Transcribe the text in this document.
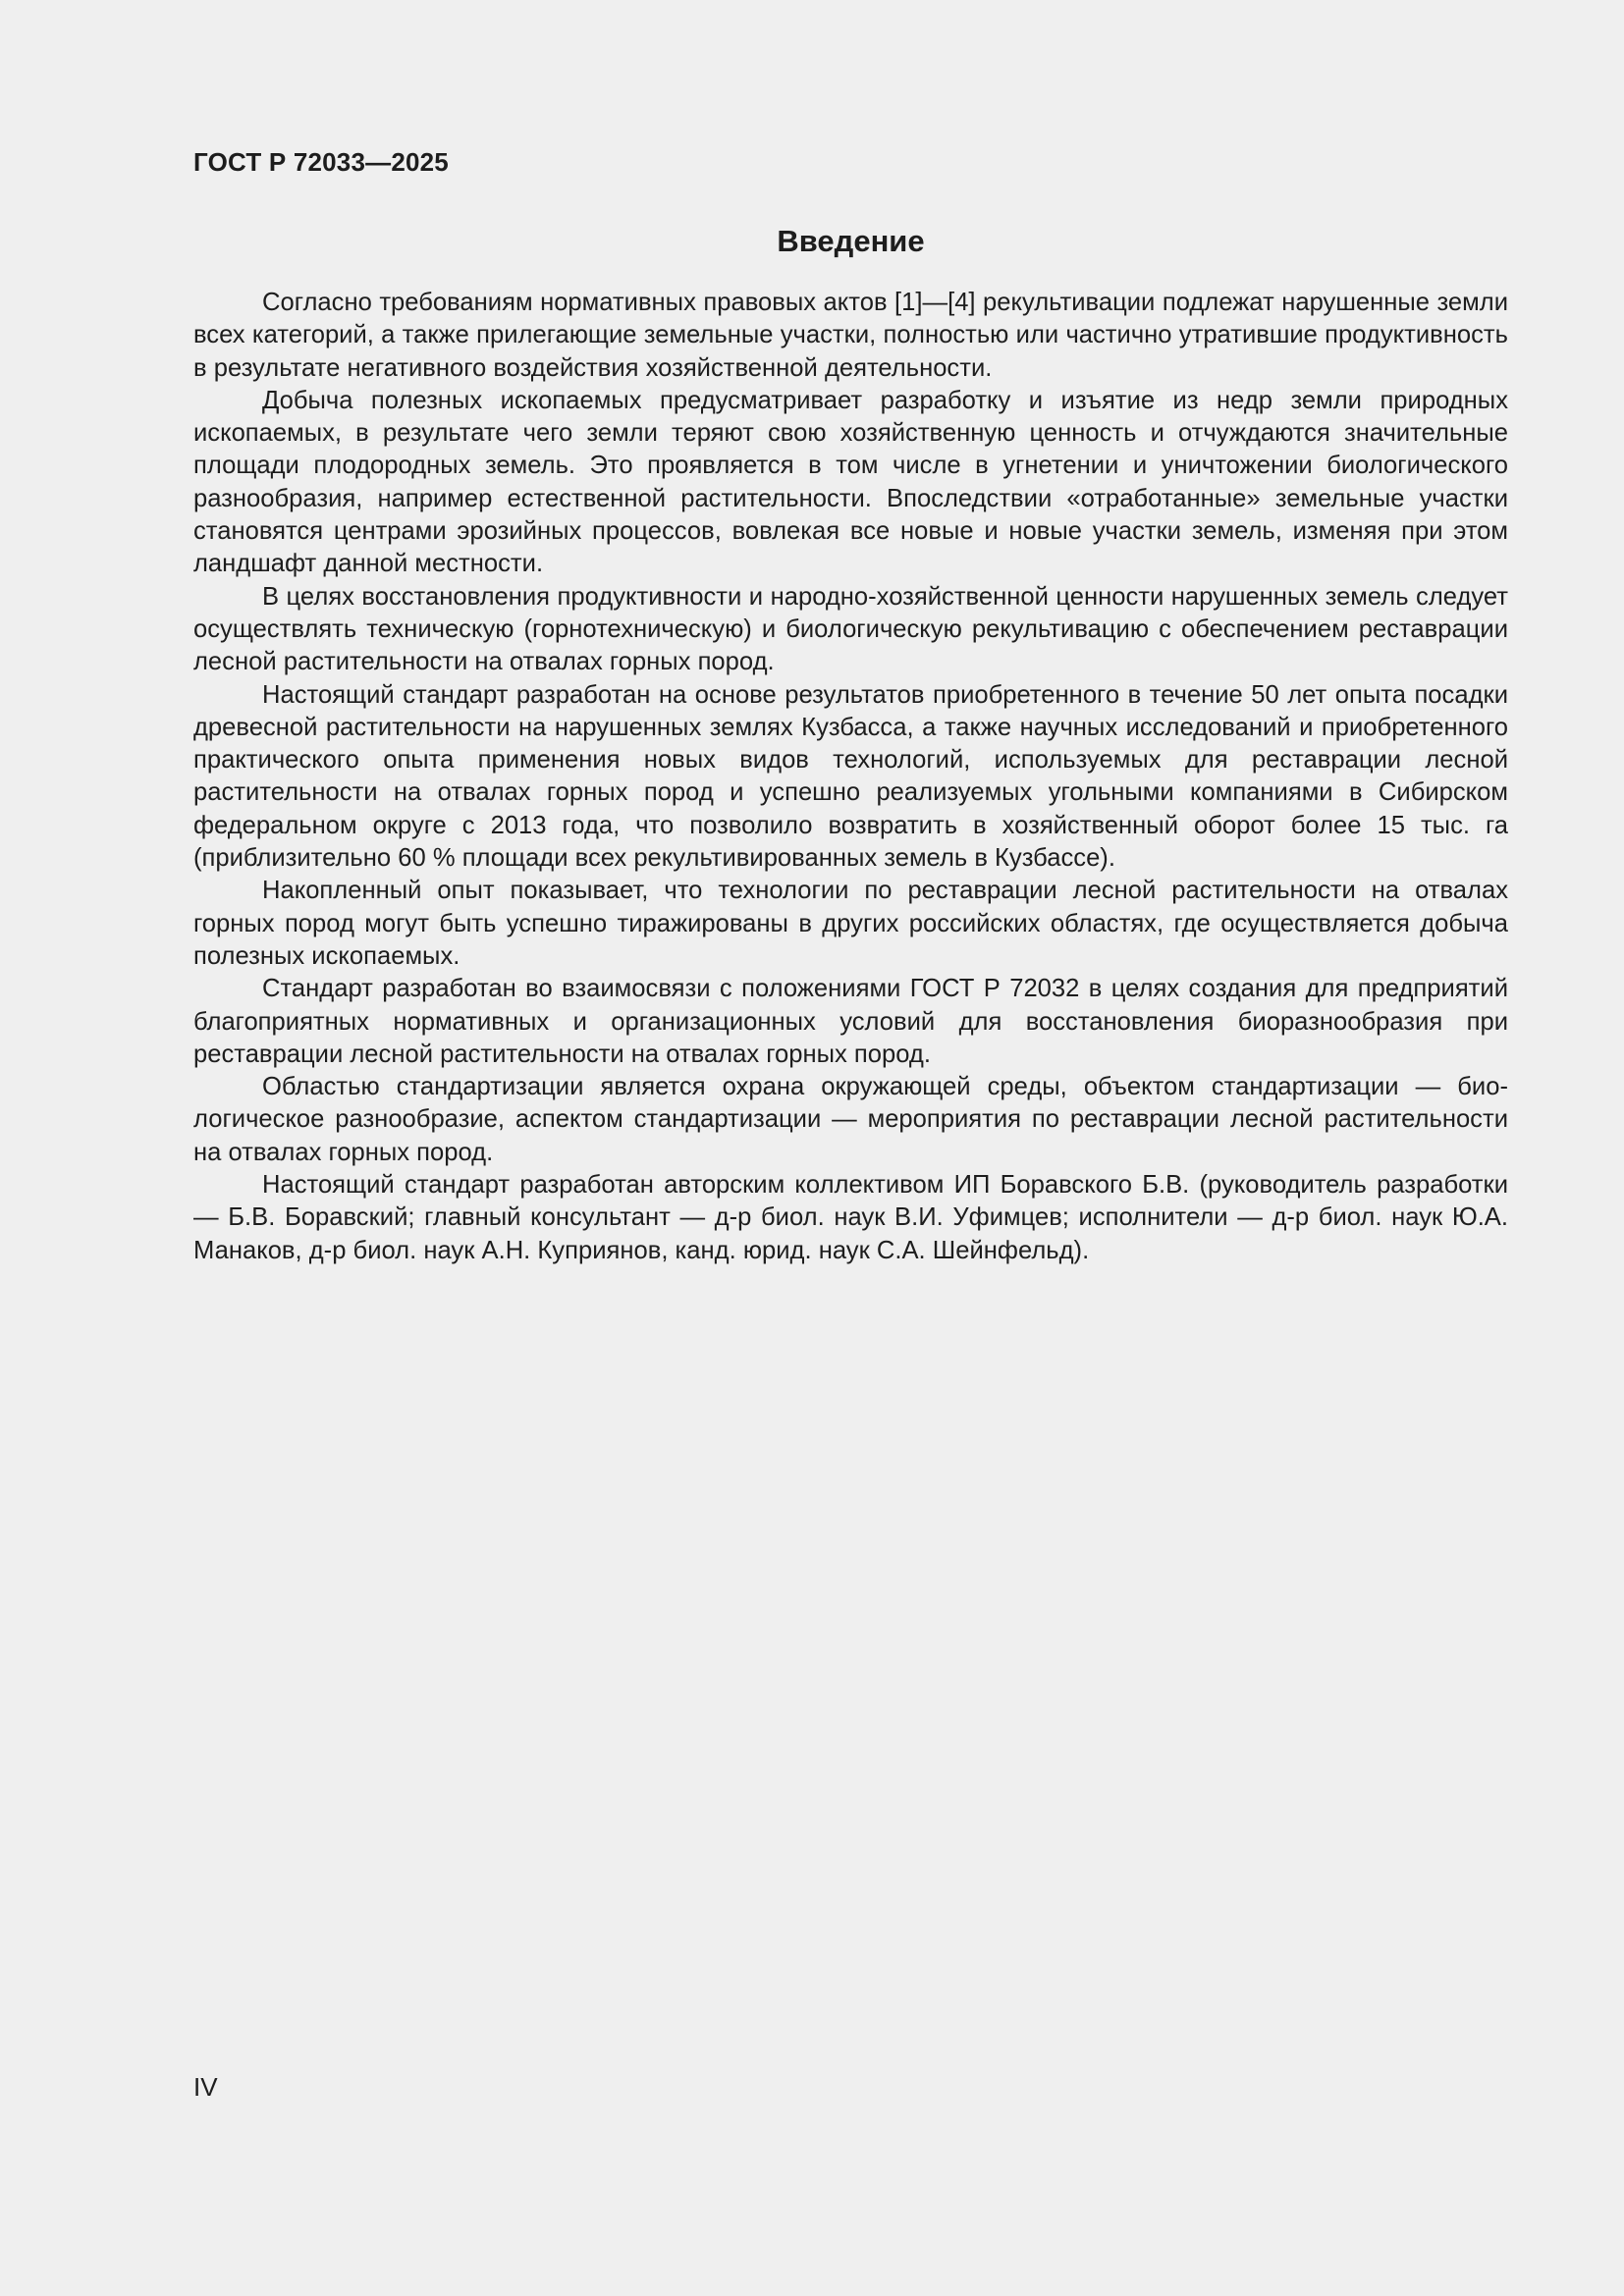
ГОСТ Р 72033—2025
Введение

Согласно требованиям нормативных правовых актов [1]—[4] рекультивации подлежат нарушенные земли всех категорий, а также прилегающие земельные участки, полностью или частично утратившие продуктивность в результате негативного воздействия хозяйственной деятельности.

Добыча полезных ископаемых предусматривает разработку и изъятие из недр земли природных ископаемых, в результате чего земли теряют свою хозяйственную ценность и отчуждаются значительные площади плодородных земель. Это проявляется в том числе в угнетении и уничтожении биологического разнообразия, например естественной растительности. Впоследствии «отработанные» земельные участки становятся центрами эрозийных процессов, вовлекая все новые и новые участки земель, изменяя при этом ландшафт данной местности.

В целях восстановления продуктивности и народно-хозяйственной ценности нарушенных земель следует осуществлять техническую (горнотехническую) и биологическую рекультивацию с обеспечением реставрации лесной растительности на отвалах горных пород.

Настоящий стандарт разработан на основе результатов приобретенного в течение 50 лет опыта посадки древесной растительности на нарушенных землях Кузбасса, а также научных исследований и приобретенного практического опыта применения новых видов технологий, используемых для реставрации лесной растительности на отвалах горных пород и успешно реализуемых угольными компаниями в Сибирском федеральном округе с 2013 года, что позволило возвратить в хозяйственный оборот более 15 тыс. га (приблизительно 60 % площади всех рекультивированных земель в Кузбассе).

Накопленный опыт показывает, что технологии по реставрации лесной растительности на отвалах горных пород могут быть успешно тиражированы в других российских областях, где осуществляется добыча полезных ископаемых.

Стандарт разработан во взаимосвязи с положениями ГОСТ Р 72032 в целях создания для предприятий благоприятных нормативных и организационных условий для восстановления биоразнообразия при реставрации лесной растительности на отвалах горных пород.

Областью стандартизации является охрана окружающей среды, объектом стандартизации — биологическое разнообразие, аспектом стандартизации — мероприятия по реставрации лесной растительности на отвалах горных пород.

Настоящий стандарт разработан авторским коллективом ИП Боравского Б.В. (руководитель разработки — Б.В. Боравский; главный консультант — д-р биол. наук В.И. Уфимцев; исполнители — д-р биол. наук Ю.А. Манаков, д-р биол. наук А.Н. Куприянов, канд. юрид. наук С.А. Шейнфельд).

IV
